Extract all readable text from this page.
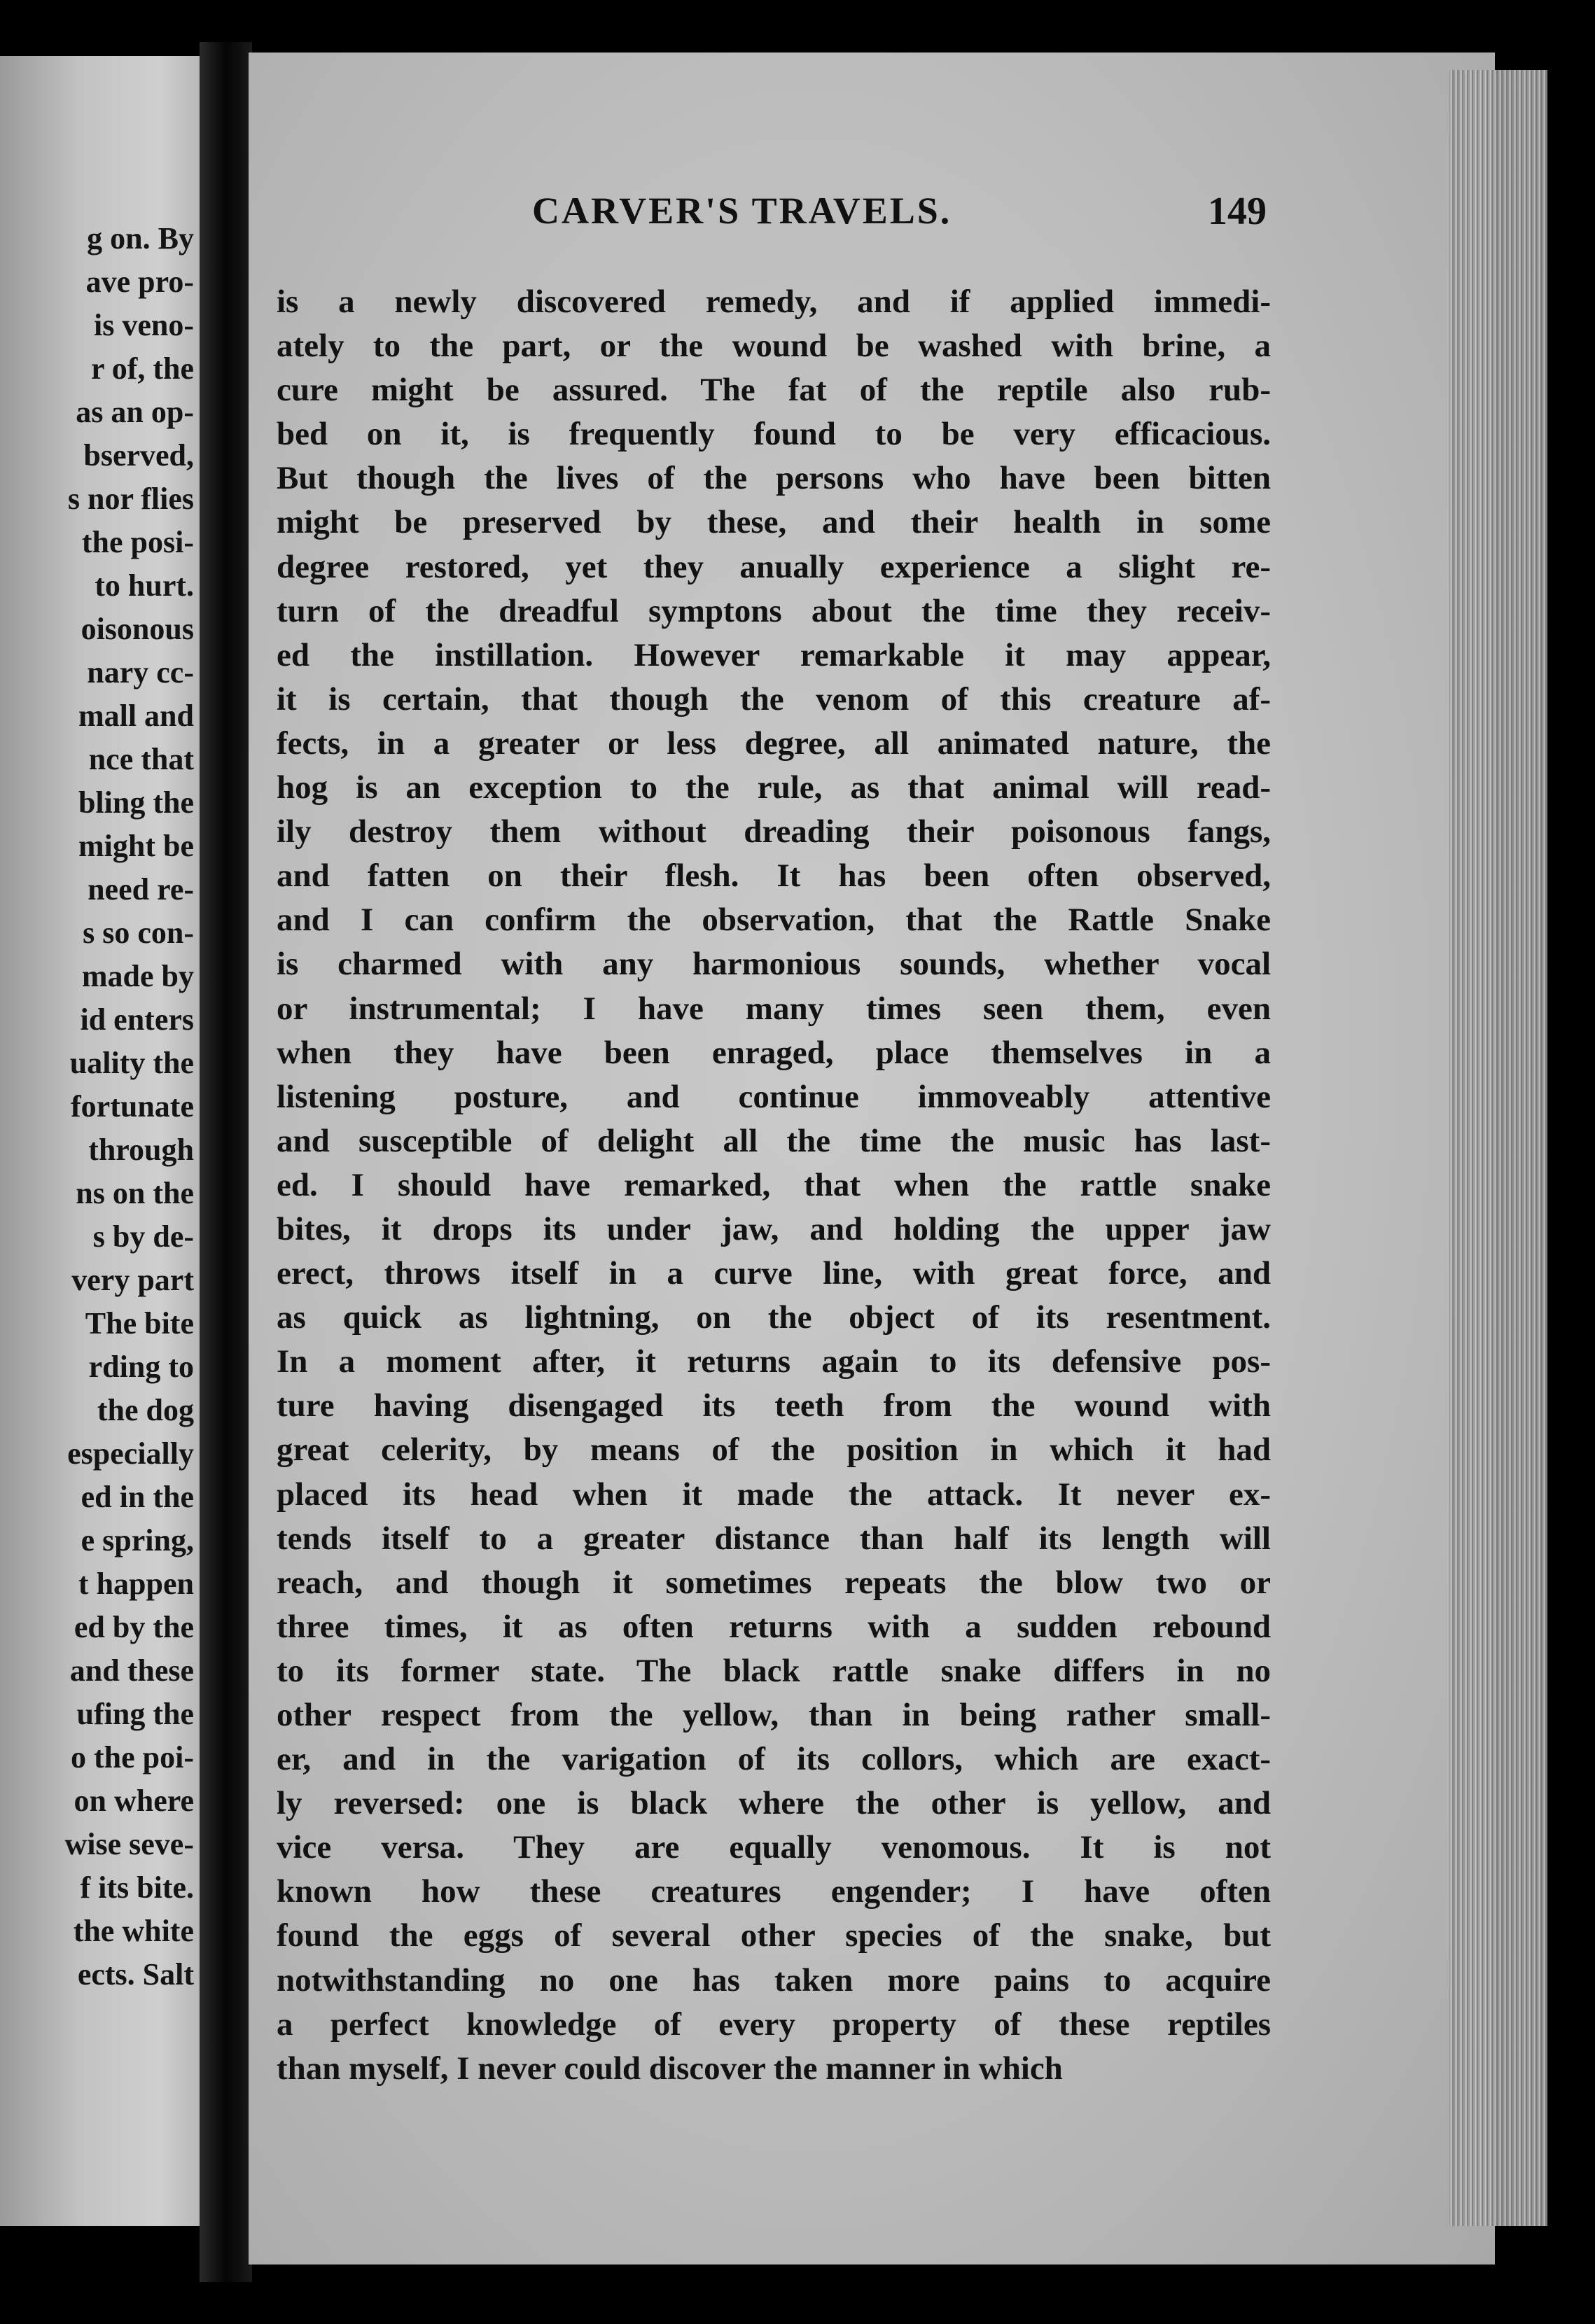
g on. By
ave pro-
is veno-
r of, the
as an op-
bserved,
s nor flies
the posi-
to hurt.
oisonous
nary cc-
mall and
nce that
bling the
might be
need re-
s so con-
made by
id enters
uality the
fortunate
through
ns on the
s by de-
very part
The bite
rding to
the dog
especially
ed in the
e spring,
t happen
ed by the
and these
ufing the
o the poi-
on where
wise seve-
f its bite.
the white
ects. Salt
CARVER'S TRAVELS.	149
is a newly discovered remedy, and if applied immedi-
ately to the part, or the wound be washed with brine, a
cure might be assured. The fat of the reptile also rub-
bed on it, is frequently found to be very efficacious.
But though the lives of the persons who have been bitten
might be preserved by these, and their health in some
degree restored, yet they anually experience a slight re-
turn of the dreadful symptons about the time they receiv-
ed the instillation. However remarkable it may appear,
it is certain, that though the venom of this creature af-
fects, in a greater or less degree, all animated nature, the
hog is an exception to the rule, as that animal will read-
ily destroy them without dreading their poisonous fangs,
and fatten on their flesh. It has been often observed,
and I can confirm the observation, that the Rattle Snake
is charmed with any harmonious sounds, whether vocal
or instrumental; I have many times seen them, even
when they have been enraged, place themselves in a
listening posture, and continue immoveably attentive
and susceptible of delight all the time the music has last-
ed. I should have remarked, that when the rattle snake
bites, it drops its under jaw, and holding the upper jaw
erect, throws itself in a curve line, with great force, and
as quick as lightning, on the object of its resentment.
In a moment after, it returns again to its defensive pos-
ture having disengaged its teeth from the wound with
great celerity, by means of the position in which it had
placed its head when it made the attack. It never ex-
tends itself to a greater distance than half its length will
reach, and though it sometimes repeats the blow two or
three times, it as often returns with a sudden rebound
to its former state. The black rattle snake differs in no
other respect from the yellow, than in being rather small-
er, and in the varigation of its collors, which are exact-
ly reversed: one is black where the other is yellow, and
vice versa. They are equally venomous. It is not
known how these creatures engender; I have often
found the eggs of several other species of the snake, but
notwithstanding no one has taken more pains to acquire
a perfect knowledge of every property of these reptiles
than myself, I never could discover the manner in which
